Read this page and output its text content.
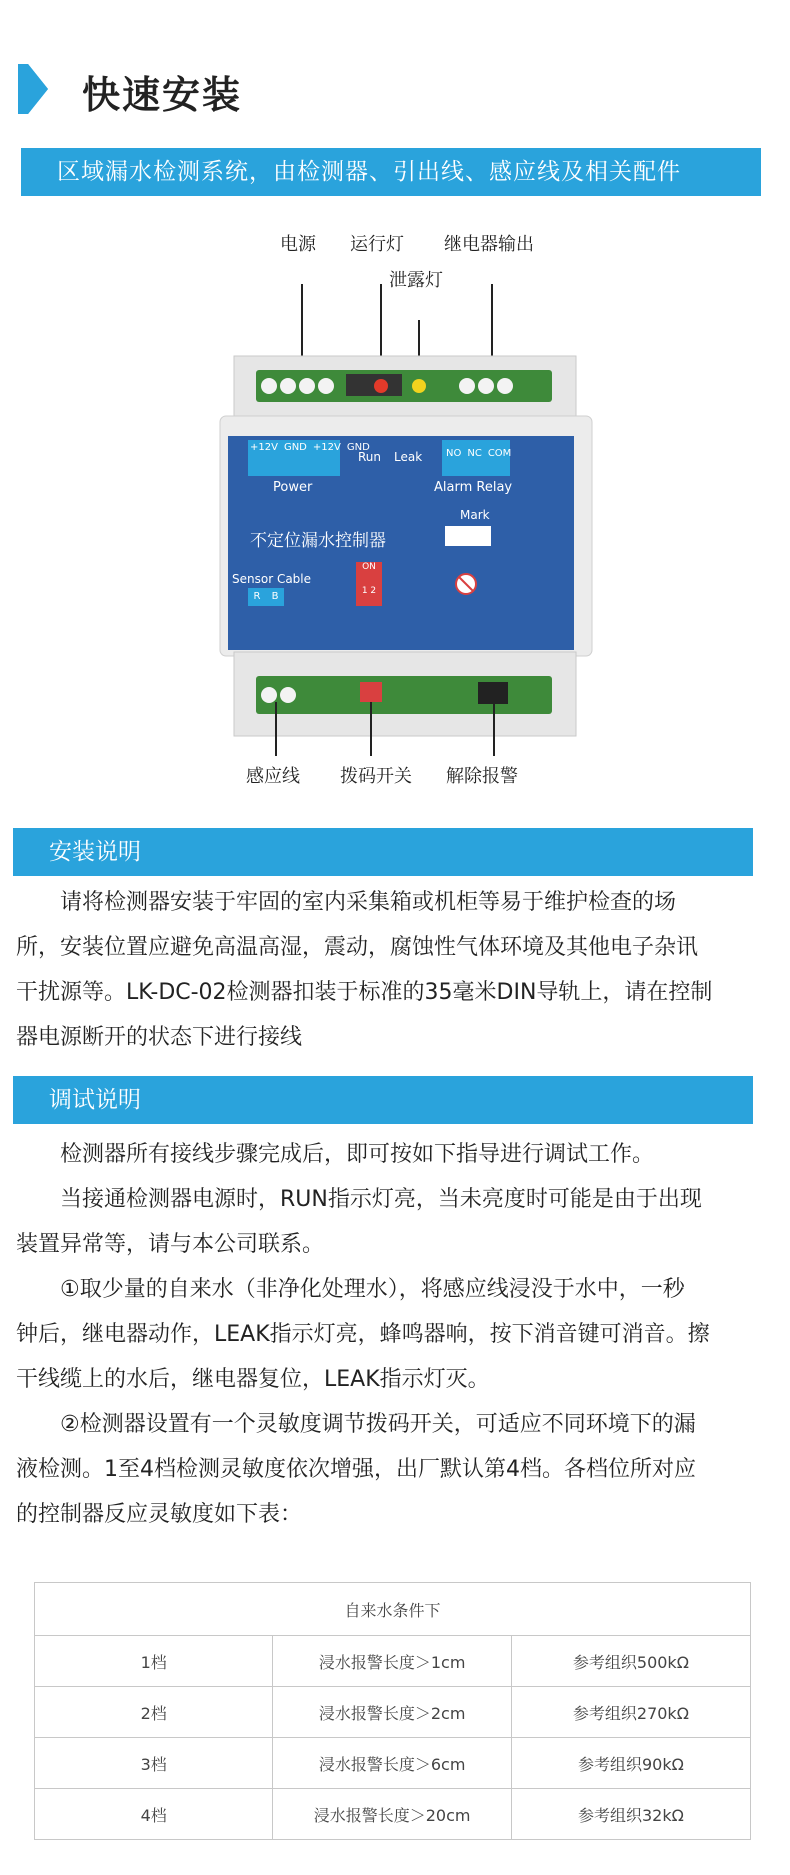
快速安装
区域漏水检测系统，由检测器、引出线、感应线及相关配件
电源 运行灯
泄露灯
继电器输出
+12V GND +12V GND
Power
Run Leak NO NC COM
Alarm Relay
不定位漏水控制器
Mark
Sensor Cable
R B
ON
1 2
感应线 拨码开关 解除报警
安装说明

请将检测器安装于牢固的室内采集箱或机柜等易于维护检查的场

所，安装位置应避免高温高湿，震动，腐蚀性气体环境及其他电子杂讯

干扰源等。LK-DC-02检测器扣装于标准的35毫米DIN导轨上，请在控制

器电源断开的状态下进行接线

调试说明

检测器所有接线步骤完成后，即可按如下指导进行调试工作。

当接通检测器电源时，RUN指示灯亮，当未亮度时可能是由于出现

装置异常等，请与本公司联系。

①取少量的自来水（非净化处理水），将感应线浸没于水中，一秒

钟后，继电器动作，LEAK指示灯亮，蜂鸣器响，按下消音键可消音。擦

干线缆上的水后，继电器复位，LEAK指示灯灭。

②检测器设置有一个灵敏度调节拨码开关，可适应不同环境下的漏

液检测。1至4档检测灵敏度依次增强，出厂默认第4档。各档位所对应

的控制器反应灵敏度如下表：

自来水条件下		
1档	浸水报警长度＞1cm	参考组织500kΩ
2档	浸水报警长度＞2cm	参考组织270kΩ
3档	浸水报警长度＞6cm	参考组织90kΩ
4档	浸水报警长度＞20cm	参考组织32kΩ
